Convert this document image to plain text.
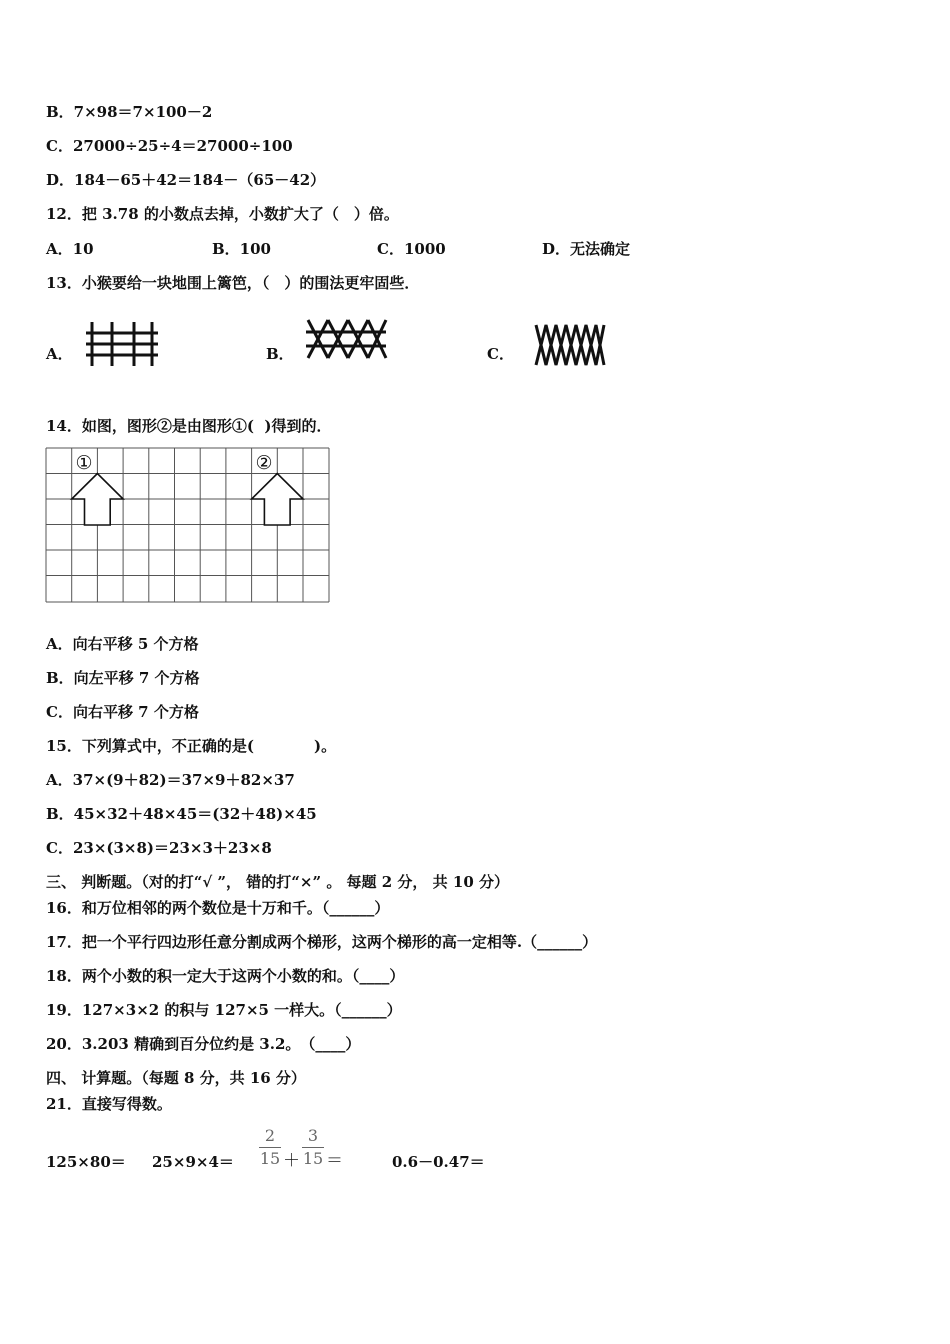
B．7×98＝7×100－2
C．27000÷25÷4＝27000÷100
D．184－65＋42＝184－（65－42）
12．把 3.78 的小数点去掉，小数扩大了（　）倍。
A．10	B．100	C．1000	D．无法确定
13．小猴要给一块地围上篱笆，（　）的围法更牢固些．
A．	B．	C．
14．如图，图形②是由图形①(  )得到的．
①	②
A．向右平移 5 个方格
B．向左平移 7 个方格
C．向右平移 7 个方格
15．下列算式中，不正确的是(　　　　)。
A．37×(9＋82)＝37×9＋82×37
B．45×32＋48×45＝(32＋48)×45
C．23×(3×8)＝23×3＋23×8
三、 判断题。（对的打“√ ”， 错的打“×” 。 每题 2 分， 共 10 分）
16．和万位相邻的两个数位是十万和千。（______）
17．把一个平行四边形任意分割成两个梯形，这两个梯形的高一定相等.（______）
18．两个小数的积一定大于这两个小数的和。（____）
19．127×3×2 的积与 127×5 一样大。（______）
20．3.203 精确到百分位约是 3.2。　（____）
四、 计算题。（每题 8 分，共 16 分）
21．直接写得数。
125×80＝ 25×9×4＝
2
15 ＋
3
15 ＝	0.6－0.47＝
